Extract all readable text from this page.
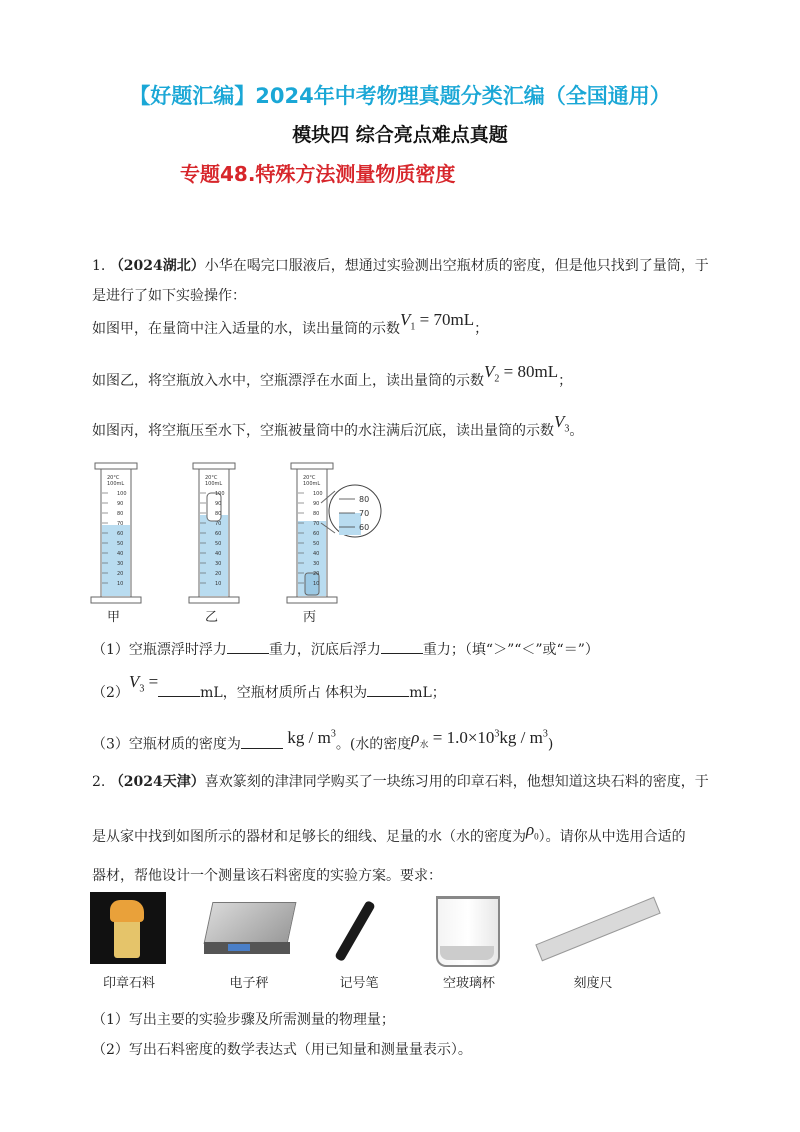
【好题汇编】2024年中考物理真题分类汇编（全国通用）
模块四 综合亮点难点真题
专题48.特殊方法测量物质密度
1. （2024湖北）小华在喝完口服液后，想通过实验测出空瓶材质的密度，但是他只找到了量筒，于
是进行了如下实验操作：
如图甲，在量筒中注入适量的水，读出量筒的示数$V_1 = 70mL$；
如图乙，将空瓶放入水中，空瓶漂浮在水面上，读出量筒的示数$V_2 = 80mL$；
如图丙，将空瓶压至水下，空瓶被量筒中的水注满后沉底，读出量筒的示数$V_3$。
20°C
100mL
100
90
80
70
60
50
40
30
20
10
20°C
100mL
100
90
80
70
60
50
40
30
20
10
20°C
100mL
100
90
80
70
60
50
40
30
20
10
80
70
60
甲	乙	丙
（1）空瓶漂浮时浮力	重力，沉底后浮力	重力；（填“＞”“＜”或“＝”）
$(2)V_3 =mL$，空瓶材质所占 体积为	mL；
（3）空瓶材质的密度为	kg / $m^3$。(水的密度$\rho_水 = 1.0\times 10^3kg / m^3$)
2. （2024天津）喜欢篆刻的津津同学购买了一块练习用的印章石料，他想知道这块石料的密度，于
是从家中找到如图所示的器材和足够长的细线、足量的水（水的密度为$\rho_0$）。请你从中选用合适的
器材，帮他设计一个测量该石料密度的实验方案。要求：
印章石料	电子秤	记号笔	空玻璃杯	刻度尺
（1）写出主要的实验步骤及所需测量的物理量；
（2）写出石料密度的数学表达式（用已知量和测量量表示）。
